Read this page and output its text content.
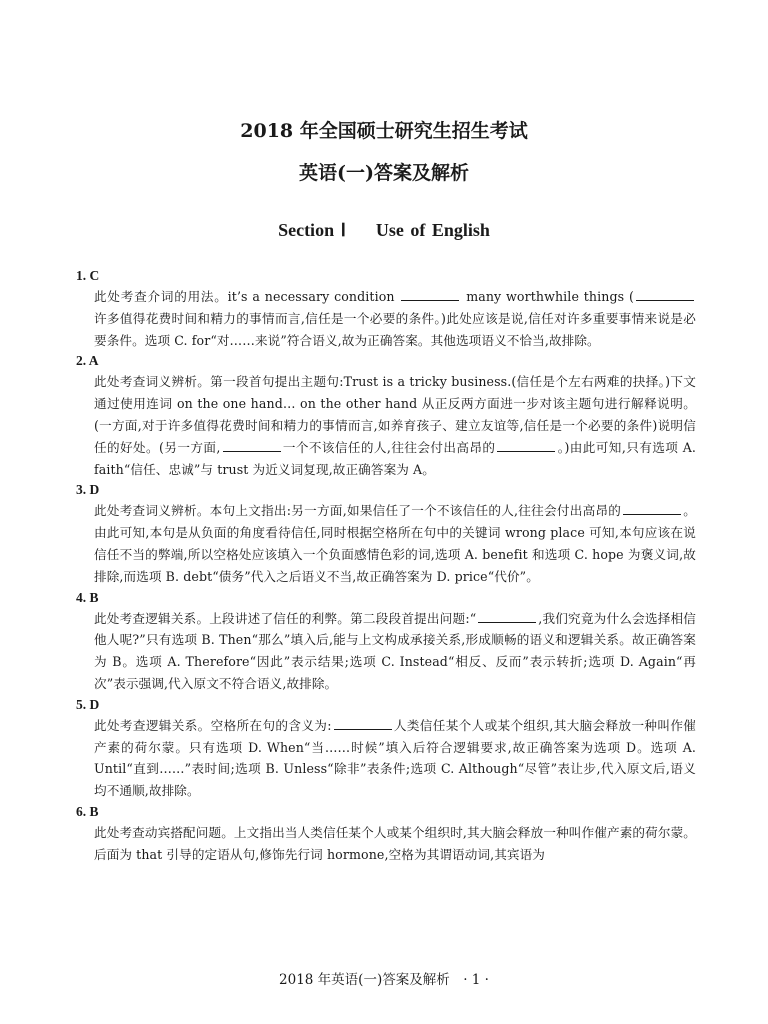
2018 年全国硕士研究生招生考试
英语(一)答案及解析
Section Ⅰ Use of English
1. C

此处考查介词的用法。it’s a necessary condition	many worthwhile things (许多值得花费时间和精力的事情而言,信任是一个必要的条件。)此处应该是说,信任对许多重要事情来说是必要条件。选项 C. for“对……来说”符合语义,故为正确答案。其他选项语义不恰当,故排除。

2. A

此处考查词义辨析。第一段首句提出主题句:Trust is a tricky business.(信任是个左右两难的抉择。)下文通过使用连词 on the one hand… on the other hand 从正反两方面进一步对该主题句进行解释说明。(一方面,对于许多值得花费时间和精力的事情而言,如养育孩子、建立友谊等,信任是一个必要的条件)说明信任的好处。(另一方面,	一个不该信任的人,往往会付出高昂的	。)由此可知,只有选项 A. faith“信任、忠诚”与 trust 为近义词复现,故正确答案为 A。

3. D

此处考查词义辨析。本句上文指出:另一方面,如果信任了一个不该信任的人,往往会付出高昂的	。由此可知,本句是从负面的角度看待信任,同时根据空格所在句中的关键词 wrong place 可知,本句应该在说信任不当的弊端,所以空格处应该填入一个负面感情色彩的词,选项 A. benefit 和选项 C. hope 为褒义词,故排除,而选项 B. debt“债务”代入之后语义不当,故正确答案为 D. price“代价”。

4. B

此处考查逻辑关系。上段讲述了信任的利弊。第二段段首提出问题:“	,我们究竟为什么会选择相信他人呢?”只有选项 B. Then“那么”填入后,能与上文构成承接关系,形成顺畅的语义和逻辑关系。故正确答案为 B。选项 A. Therefore“因此”表示结果;选项 C. Instead“相反、反而”表示转折;选项 D. Again“再次”表示强调,代入原文不符合语义,故排除。

5. D

此处考查逻辑关系。空格所在句的含义为:	人类信任某个人或某个组织,其大脑会释放一种叫作催产素的荷尔蒙。只有选项 D. When“当……时候”填入后符合逻辑要求,故正确答案为选项 D。选项 A. Until“直到……”表时间;选项 B. Unless“除非”表条件;选项 C. Although“尽管”表让步,代入原文后,语义均不通顺,故排除。

6. B

此处考查动宾搭配问题。上文指出当人类信任某个人或某个组织时,其大脑会释放一种叫作催产素的荷尔蒙。后面为 that 引导的定语从句,修饰先行词 hormone,空格为其谓语动词,其宾语为

2018 年英语(一)答案及解析　· 1 ·
